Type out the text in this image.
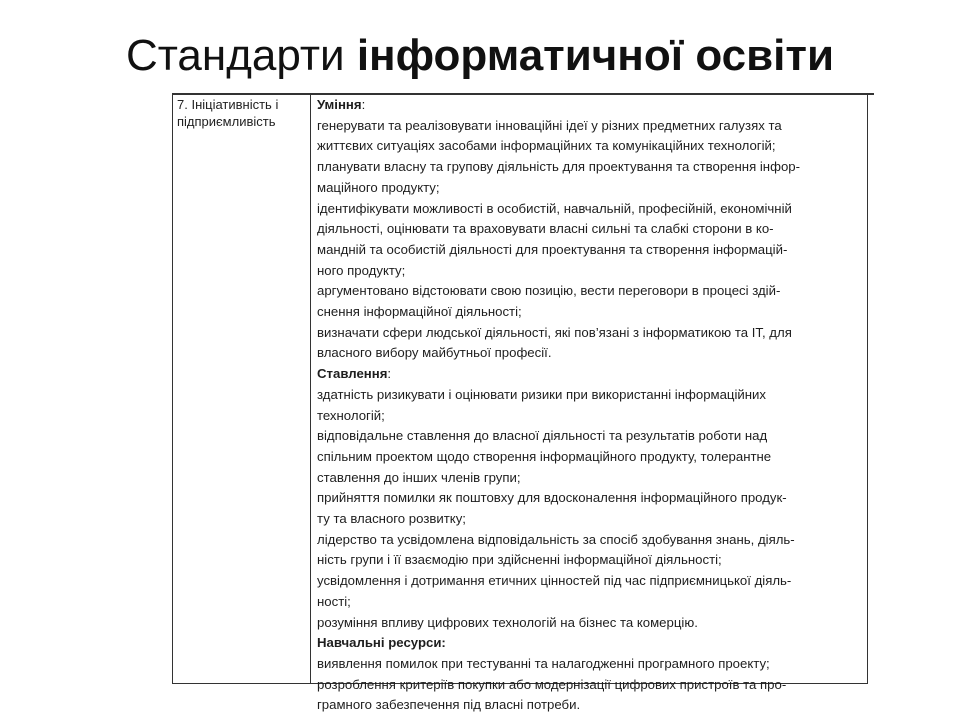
Стандарти інформатичної освіти
7. Ініціативність і
підприємливість
Уміння:
генерувати та реалізовувати інноваційні ідеї у різних предметних галузях та
життєвих ситуаціях засобами інформаційних та комунікаційних технологій;
планувати власну та групову діяльність для проектування та створення інфор-
маційного продукту;
ідентифікувати можливості в особистій, навчальній, професійній, економічній
діяльності, оцінювати та враховувати власні сильні та слабкі сторони в ко-
мандній та особистій діяльності для проектування та створення інформацій-
ного продукту;
аргументовано відстоювати свою позицію, вести переговори в процесі здій-
снення інформаційної діяльності;
визначати сфери людської діяльності, які пов’язані з інформатикою та ІТ, для
власного вибору майбутньої професії.
Ставлення:
здатність ризикувати і оцінювати ризики при використанні інформаційних
технологій;
відповідальне ставлення до власної діяльності та результатів роботи над
спільним проектом щодо створення інформаційного продукту, толерантне
ставлення до інших членів групи;
прийняття помилки як поштовху для вдосконалення інформаційного продук-
ту та власного розвитку;
лідерство та усвідомлена відповідальність за спосіб здобування знань, діяль-
ність групи і її взаємодію при здійсненні інформаційної діяльності;
усвідомлення і дотримання етичних цінностей під час підприємницької діяль-
ності;
розуміння впливу цифрових технологій на бізнес та комерцію.
Навчальні ресурси:
виявлення помилок при тестуванні та налагодженні програмного проекту;
розроблення критеріїв покупки або модернізації цифрових пристроїв та про-
грамного забезпечення під власні потреби.
